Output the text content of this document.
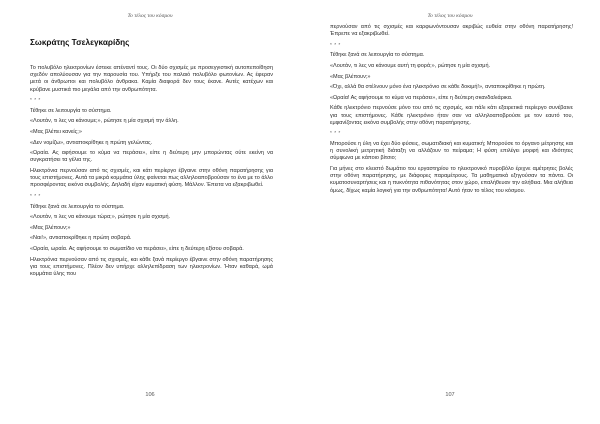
Το τέλος του κόσμου
Σωκράτης Τσελεγκαρίδης

Το πολυβόλο ηλεκτρονίων έστεκε απέναντί τους. Οι δύο σχισμές με προσεγγιστική αυτοπεποίθηση σχεδόν απολύουσαν για την παρουσία του. Υπήρξε του παλαιό πολυβόλο φωτονίων. Ας έφεραν μετά οι άνθρωποι και πολυβόλο άνθρακα. Καμία διαφορά δεν τους έκανε. Αυτές κατέχων και κρύβανε μυστικά πιο μεγάλα από την ανθρωπότητα.

* * *

Τέθηκε σε λειτουργία το σύστημα.

«Λουτάν, τι λες να κάνουμε;», ρώτησε η μία σχισμή την άλλη.

«Μας βλέπει κανείς;»

«Δεν νομίζω», αντιαποκρίθηκε η πρώτη γελώντας.

«Ωραία. Ας αφήσουμε το κύμα να περάσει», είπε η δεύτερη μην μπορώντας ούτε εκείνη να συγκρατήσει τα γέλια της.

Ηλεκτρόνια περνούσαν από τις σχισμές, και κάτι περίεργο έβγαινε στην οθόνη παρατήρησης για τους επιστήμονες. Αυτά τα μικρά κομμάτια ύλης φαίνεται πως αλληλοαποβρούσαν το ένα με το άλλο προσφέροντας εικόνα συμβολής. Δηλαδή είχαν κυματική φύση. Μάλλον. Έπειτα να εξακριβωθεί.

* * *

Τέθηκε ξανά σε λειτουργία το σύστημα.

«Λουτάν, τι λες να κάνουμε τώρα;», ρώτησε η μία σχισμή.

«Μας βλέπουν;»

«Ναι!», αντιαποκρίθηκε η πρώτη σοβαρά.

«Ωραία, ωραία. Ας αφήσουμε το σωματίδιο να περάσει», είπε η δεύτερη εξίσου σοβαρά.

Ηλεκτρόνια περνούσαν από τις σχισμές, και κάθε ξανά περίεργο έβγαινε στην οθόνη παρατήρησης για τους επιστήμονες. Πλέον δεν υπήρχε αλληλεπίδραση των ηλεκτρονίων. Ήταν καθαρά, ωμά κομμάτια ύλης που

106
Το τέλος του κόσμου

περνούσαν από τις σχισμές και καρφωνόντουσαν ακριβώς ευθεία στην οθόνη παρατήρησης! Έπρεπε να εξακριβωθεί.

* * *

Τέθηκε ξανά σε λειτουργία το σύστημα.

«Λουτάν, τι λες να κάνουμε αυτή τη φορά;», ρώτησε η μία σχισμή.

«Μας βλέπουν;»

«Όχι, αλλά θα στέλνουν μόνο ένα ηλεκτρόνιο σε κάθε δοκιμή!», ανταποκρίθηκε η πρώτη.

«Ωραία! Ας αφήσουμε το κύμα να περάσει», είπε η δεύτερη σκανδαλιάρικα.

Κάθε ηλεκτρόνιο περνούσε μόνο του από τις σχισμές, και πάλι κάτι εξαιρετικά περίεργο συνέβαινε για τους επιστήμονες. Κάθε ηλεκτρόνιο ήταν σαν να αλληλοαποβρούσε με τον εαυτό του, εμφανίζοντας εικόνα συμβολής στην οθόνη παρατήρησης.

* * *

Μπορούσε η ύλη να έχει δύο φύσεις, σωματιδιακή και κυματική; Μπορούσε το όργανο μέτρησης και η συνολική μετρητική διάταξη να αλλάζουν το πείραμα; Η φύση επιλέγει μορφή και ιδιότητες σύμφωνα με κάποιο βίτσιο;

Για μήνες στο κλειστό δωμάτιο του εργαστηρίου το ηλεκτρονικό πυροβόλο έριχνε αμέτρητες βολές στην οθόνη παρατήρησης, με διάφορες παραμέτρους. Τα μαθηματικά εξηγούσαν τα πάντα. Οι κυματοσυναρτήσεις και η πυκνότητα πιθανότητας στον χώρο, επαλήθευαν την αλήθεια. Μια αλήθεια όμως, δίχως καμία λογική για την ανθρωπότητα! Αυτό ήταν το τέλος του κόσμου.

107
